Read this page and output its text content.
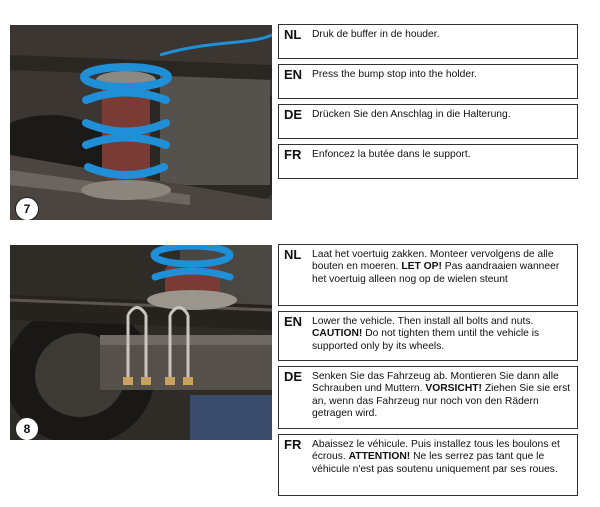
7
NL Druk de buffer in de houder.
EN Press the bump stop into the holder.
DE Drücken Sie den Anschlag in die Halterung.
FR Enfoncez la butée dans le support.
8
NL Laat het voertuig zakken. Monteer vervolgens de alle bouten en moeren. LET OP! Pas aandraaien wanneer het voertuig alleen nog op de wielen steunt
EN Lower the vehicle. Then install all bolts and nuts. CAUTION! Do not tighten them until the vehicle is supported only by its wheels.
DE Senken Sie das Fahrzeug ab. Montieren Sie dann alle Schrauben und Muttern. VORSICHT! Ziehen Sie sie erst an, wenn das Fahrzeug nur noch von den Rädern getragen wird.
FR Abaissez le véhicule. Puis installez tous les boulons et écrous. ATTENTION! Ne les serrez pas tant que le véhicule n'est pas soutenu uniquement par ses roues.
